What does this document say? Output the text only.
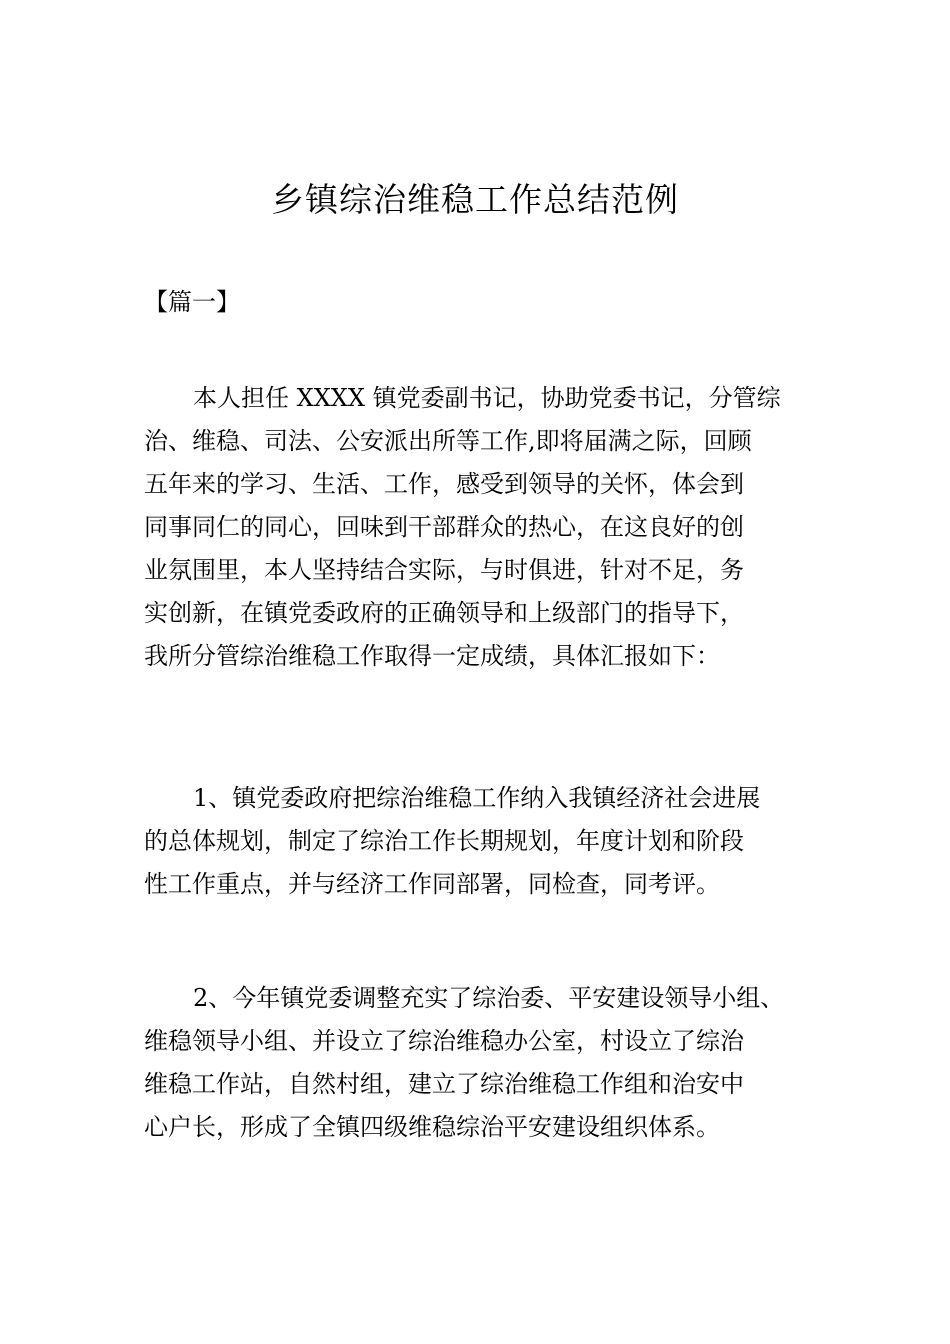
乡镇综治维稳工作总结范例

【篇一】

本人担任 XXXX 镇党委副书记，协助党委书记，分管综
治、维稳、司法、公安派出所等工作,即将届满之际，回顾
五年来的学习、生活、工作，感受到领导的关怀，体会到
同事同仁的同心，回味到干部群众的热心，在这良好的创
业氛围里，本人坚持结合实际，与时俱进，针对不足，务
实创新，在镇党委政府的正确领导和上级部门的指导下，
我所分管综治维稳工作取得一定成绩，具体汇报如下：

1、镇党委政府把综治维稳工作纳入我镇经济社会进展
的总体规划，制定了综治工作长期规划，年度计划和阶段
性工作重点，并与经济工作同部署，同检查，同考评。

2、今年镇党委调整充实了综治委、平安建设领导小组、
维稳领导小组、并设立了综治维稳办公室，村设立了综治
维稳工作站，自然村组，建立了综治维稳工作组和治安中
心户长，形成了全镇四级维稳综治平安建设组织体系。
